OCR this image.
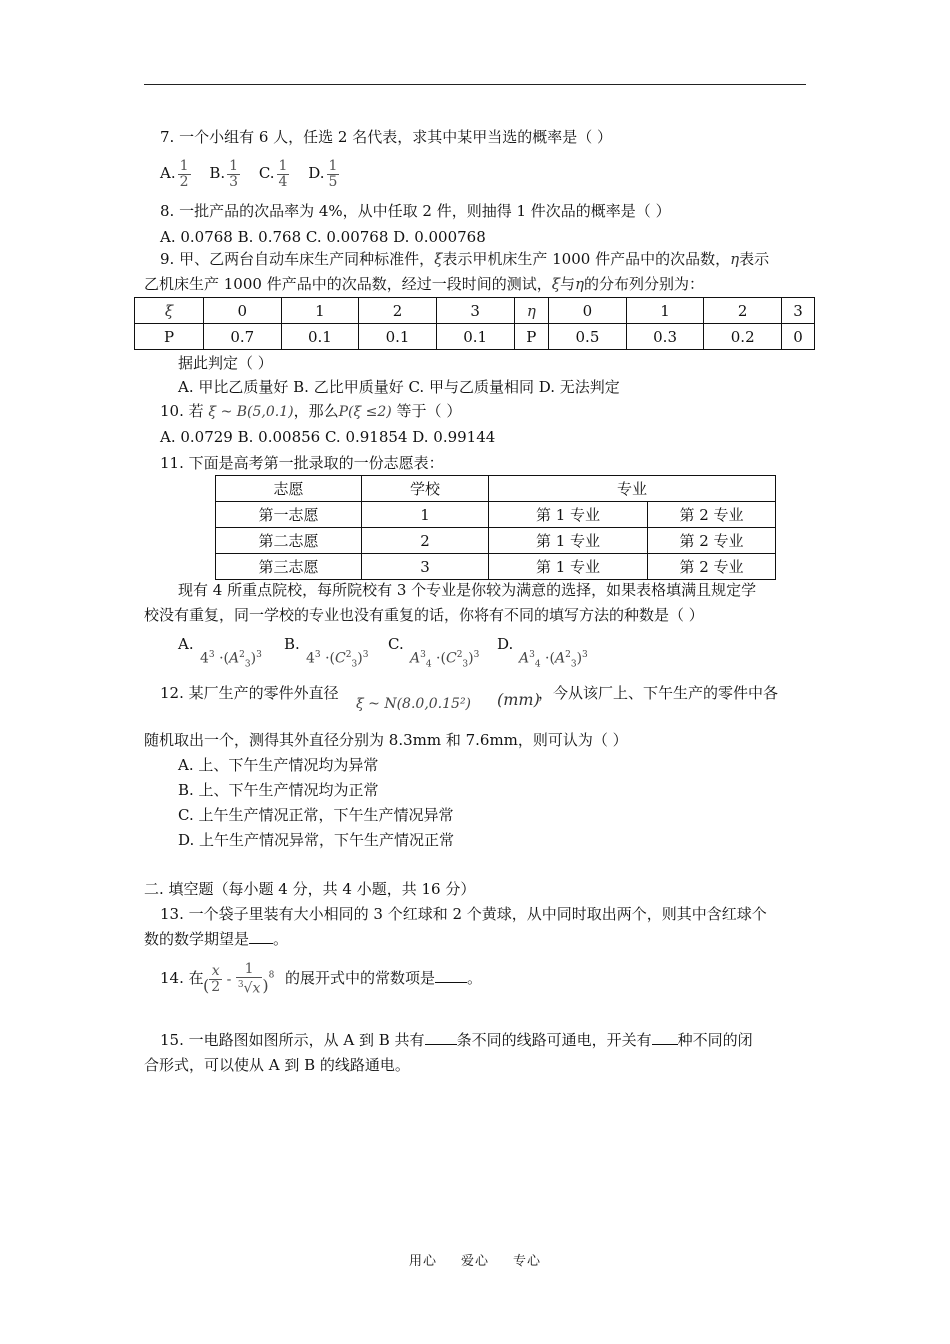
7. 一个小组有 6 人，任选 2 名代表，求其中某甲当选的概率是（ ）
A. $\frac{1}{2} B$. $\frac{1}{3} C$. $\frac{1}{4} D$. $\frac{1}{5}$
8. 一批产品的次品率为 4%，从中任取 2 件，则抽得 1 件次品的概率是（ ）
A. 0.0768 B. 0.768 C. 0.00768 D. 0.000768
9. 甲、乙两台自动车床生产同种标准件，ξ表示甲机床生产 1000 件产品中的次品数，η表示
乙机床生产 1000 件产品中的次品数，经过一段时间的测试，ξ与η的分布列分别为：
ξ	0	1	2	3	η	0	1	2	3
P	0.7	0.1	0.1	0.1	P	0.5	0.3	0.2	0
据此判定（ ）
A. 甲比乙质量好 B. 乙比甲质量好 C. 甲与乙质量相同 D. 无法判定
10. 若 ξ ~ B(5,0.1)，那么P(ξ ≤2) 等于（ ）
A. 0.0729 B. 0.00856 C. 0.91854 D. 0.99144
11. 下面是高考第一批录取的一份志愿表：
志愿	学校	专业	
第一志愿	1	第 1 专业	第 2 专业
第二志愿	2	第 1 专业	第 2 专业
第三志愿	3	第 1 专业	第 2 专业
现有 4 所重点院校，每所院校有 3 个专业是你较为满意的选择，如果表格填满且规定学
校没有重复，同一学校的专业也没有重复的话，你将有不同的填写方法的种数是（ ）
A.
$4^3 \cdot(A^2_3)^3$
B.
$4^3 \cdot(C^2_3)^3$
C.
$A^3_4 \cdot(C^2_3)^3$
D.
$A^3_4 \cdot(A^2_3)^3$
12. 某厂生产的零件外直径
ξ ~ N(8.0,0.15²) (mm)
，今从该厂上、下午生产的零件中各
随机取出一个，测得其外直径分别为 8.3mm 和 7.6mm，则可认为（ ）
A. 上、下午生产情况均为异常
B. 上、下午生产情况均为正常
C. 上午生产情况正常，下午生产情况异常
D. 上午生产情况异常，下午生产情况正常
二. 填空题（每小题 4 分，共 4 小题，共 16 分）
13. 一个袋子里装有大小相同的 3 个红球和 2 个黄球，从中同时取出两个，则其中含红球个
数的数学期望是 。
14. 在 ( $\frac{x}{2} - \frac{1}{^3√x} )^8$ 的展开式中的常数项是 。
15. 一电路图如图所示，从 A 到 B 共有 条不同的线路可通电，开关有 种不同的闭
合形式，可以使从 A 到 B 的线路通电。
用心 爱心 专心
